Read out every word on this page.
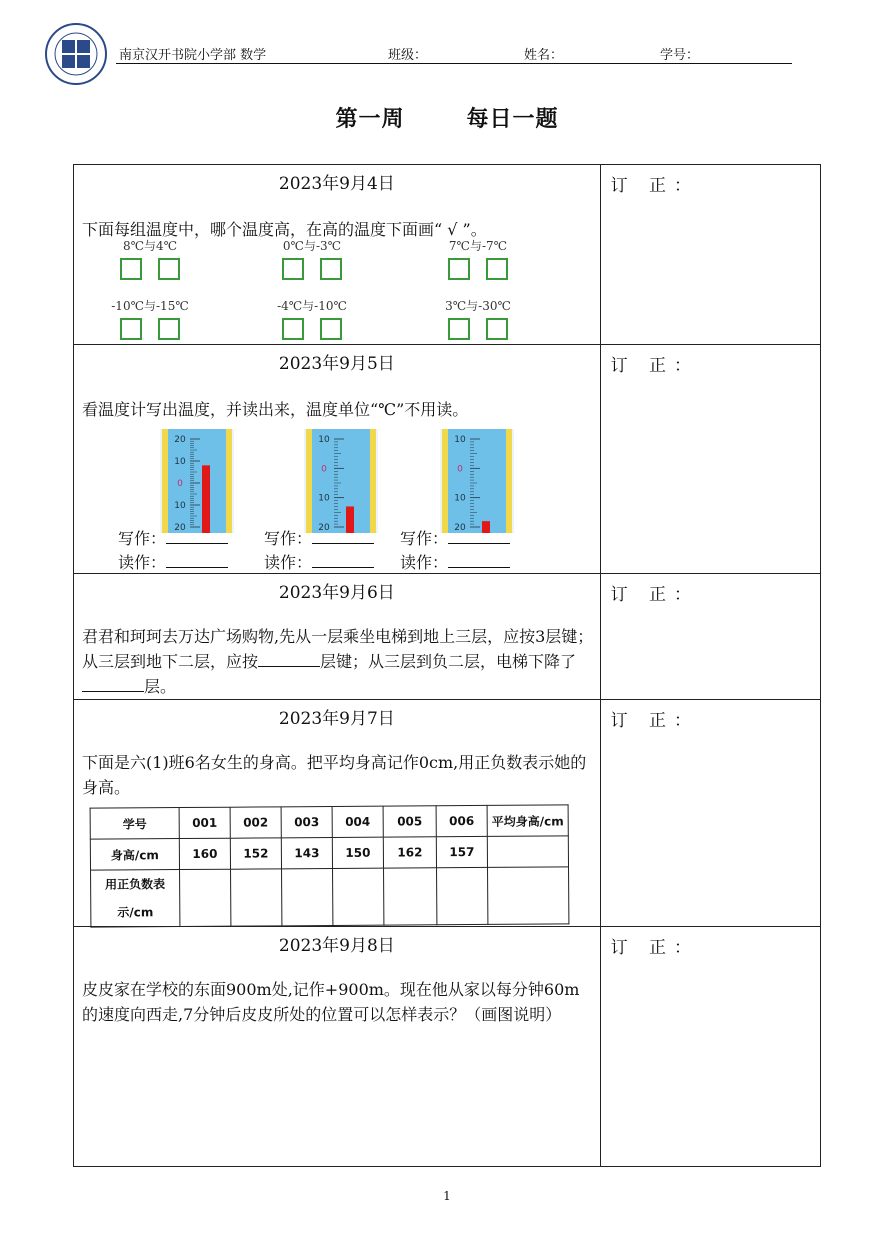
南京汉开书院小学部 数学	班级：	姓名：	学号：
第一周	每日一题
2023年9月4日
下面每组温度中，哪个温度高，在高的温度下面画“ √ ”。
8℃与4℃	0℃与-3℃	7℃与-7℃
-10℃与-15℃	-4℃与-10℃	3℃与-30℃

订 正：

2023年9月5日
看温度计写出温度，并读出来，温度单位“℃”不用读。
20
10
0
10
20
10
0
10
20
10
0
10
20
写作：	写作：	写作：
读作：	读作：	读作：

订 正：

2023年9月6日
君君和珂珂去万达广场购物,先从一层乘坐电梯到地上三层，应按3层键；从三层到地下二层，应按	层键；从三层到负二层，电梯下降了层。

订 正：

2023年9月7日
下面是六(1)班6名女生的身高。把平均身高记作0cm,用正负数表示她的身高。
学号	001	002	003	004	005	006	平均身高/cm
身高/cm	160	152	143	150	162	157	
用正负数表示/cm							

订 正：

2023年9月8日
皮皮家在学校的东面900m处,记作+900m。现在他从家以每分钟60m的速度向西走,7分钟后皮皮所处的位置可以怎样表示？（画图说明）

订 正：
1
